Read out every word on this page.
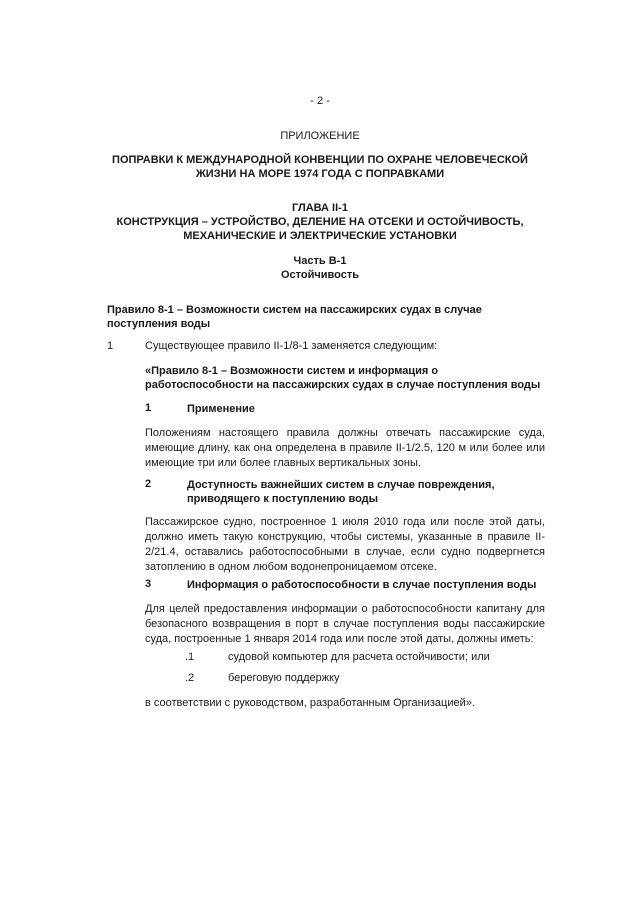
- 2 -
ПРИЛОЖЕНИЕ
ПОПРАВКИ К МЕЖДУНАРОДНОЙ КОНВЕНЦИИ ПО ОХРАНЕ ЧЕЛОВЕЧЕСКОЙ
ЖИЗНИ НА МОРЕ 1974 ГОДА С ПОПРАВКАМИ
ГЛАВА II-1
КОНСТРУКЦИЯ – УСТРОЙСТВО, ДЕЛЕНИЕ НА ОТСЕКИ И ОСТОЙЧИВОСТЬ,
МЕХАНИЧЕСКИЕ И ЭЛЕКТРИЧЕСКИЕ УСТАНОВКИ
Часть В-1
Остойчивость
Правило 8-1 – Возможности систем на пассажирских судах в случае поступления воды
1	Существующее правило II-1/8-1 заменяется следующим:
«Правило 8-1 – Возможности систем и информация о работоспособности на пассажирских судах в случае поступления воды
1	Применение
Положениям настоящего правила должны отвечать пассажирские суда, имеющие длину, как она определена в правиле II-1/2.5, 120 м или более или имеющие три или более главных вертикальных зоны.
2	Доступность важнейших систем в случае повреждения, приводящего к поступлению воды
Пассажирское судно, построенное 1 июля 2010 года или после этой даты, должно иметь такую конструкцию, чтобы системы, указанные в правиле II-2/21.4, оставались работоспособными в случае, если судно подвергнется затоплению в одном любом водонепроницаемом отсеке.
3	Информация о работоспособности в случае поступления воды
Для целей предоставления информации о работоспособности капитану для безопасного возвращения в порт в случае поступления воды пассажирские суда, построенные 1 января 2014 года или после этой даты, должны иметь:
.1	судовой компьютер для расчета остойчивости; или
.2	береговую поддержку
в соответствии с руководством, разработанным Организацией».
